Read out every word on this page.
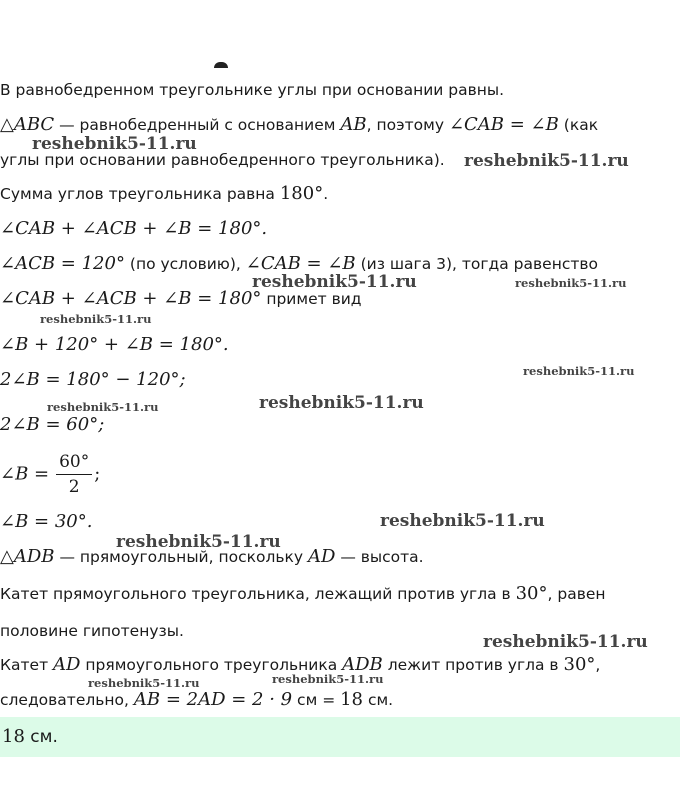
В равнобедренном треугольнике углы при основании равны.
△ABC — равнобедренный с основанием AB, поэтому ∠CAB = ∠B (как
углы при основании равнобедренного треугольника).
Сумма углов треугольника равна 180°.
∠CAB + ∠ACB + ∠B = 180°.
∠ACB = 120° (по условию), ∠CAB = ∠B (из шага 3), тогда равенство
∠CAB + ∠ACB + ∠B = 180° примет вид
∠B + 120° + ∠B = 180°.
2∠B = 180° − 120°;
2∠B = 60°;
∠B = $\frac{60^\circ}{2}$ ;
∠B = 30°.
△ADB — прямоугольный, поскольку AD — высота.
Катет прямоугольного треугольника, лежащий против угла в 30°, равен
половине гипотенузы.
Катет AD прямоугольного треугольника ADB лежит против угла в 30°,
следовательно, AB = 2AD = 2 · 9 см = 18 см.
18 см.
reshebnik5-11.ru
reshebnik5-11.ru
reshebnik5-11.ru	reshebnik5-11.ru
reshebnik5-11.ru
reshebnik5-11.ru
reshebnik5-11.ru
reshebnik5-11.ru
reshebnik5-11.ru
reshebnik5-11.ru
reshebnik5-11.ru
reshebnik5-11.ru	reshebnik5-11.ru
